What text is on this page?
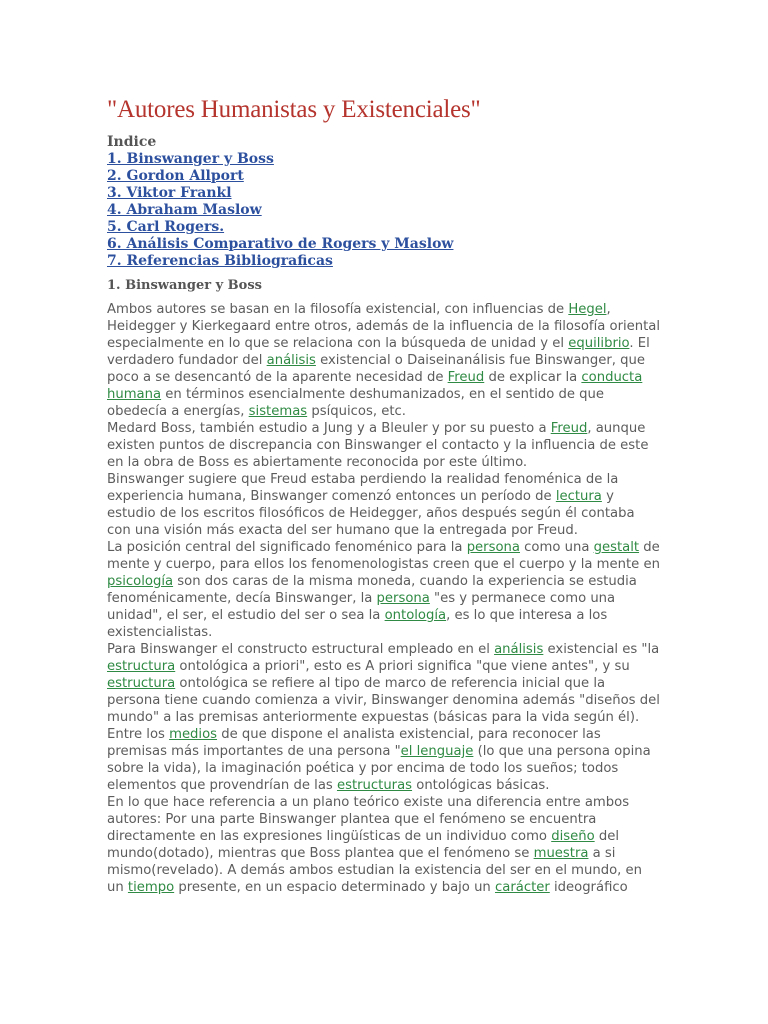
"Autores Humanistas y Existenciales"
Indice
1. Binswanger y Boss
2. Gordon Allport
3. Viktor Frankl
4. Abraham Maslow
5. Carl Rogers.
6. Análisis Comparativo de Rogers y Maslow
7. Referencias Bibliograficas
1. Binswanger y Boss

Ambos autores se basan en la filosofía existencial, con influencias de Hegel, Heidegger y Kierkegaard entre otros, además de la influencia de la filosofía oriental especialmente en lo que se relaciona con la búsqueda de unidad y el equilibrio. El verdadero fundador del análisis existencial o Daiseinanálisis fue Binswanger, que poco a se desencantó de la aparente necesidad de Freud de explicar la conducta humana en términos esencialmente deshumanizados, en el sentido de que obedecía a energías, sistemas psíquicos, etc.

Medard Boss, también estudio a Jung y a Bleuler y por su puesto a Freud, aunque existen puntos de discrepancia con Binswanger el contacto y la influencia de este en la obra de Boss es abiertamente reconocida por este último.

Binswanger sugiere que Freud estaba perdiendo la realidad fenoménica de la experiencia humana, Binswanger comenzó entonces un período de lectura y estudio de los escritos filosóficos de Heidegger, años después según él contaba con una visión más exacta del ser humano que la entregada por Freud.

La posición central del significado fenoménico para la persona como una gestalt de mente y cuerpo, para ellos los fenomenologistas creen que el cuerpo y la mente en psicología son dos caras de la misma moneda, cuando la experiencia se estudia fenoménicamente, decía Binswanger, la persona "es y permanece como una unidad", el ser, el estudio del ser o sea la ontología, es lo que interesa a los existencialistas.

Para Binswanger el constructo estructural empleado en el análisis existencial es "la estructura ontológica a priori", esto es A priori significa "que viene antes", y su estructura ontológica se refiere al tipo de marco de referencia inicial que la persona tiene cuando comienza a vivir, Binswanger denomina además "diseños del mundo" a las premisas anteriormente expuestas (básicas para la vida según él).

Entre los medios de que dispone el analista existencial, para reconocer las premisas más importantes de una persona "el lenguaje (lo que una persona opina sobre la vida), la imaginación poética y por encima de todo los sueños; todos elementos que provendrían de las estructuras ontológicas básicas.

En lo que hace referencia a un plano teórico existe una diferencia entre ambos autores: Por una parte Binswanger plantea que el fenómeno se encuentra directamente en las expresiones lingüísticas de un individuo como diseño del mundo(dotado), mientras que Boss plantea que el fenómeno se muestra a si mismo(revelado). A demás ambos estudian la existencia del ser en el mundo, en un tiempo presente, en un espacio determinado y bajo un carácter ideográfico
